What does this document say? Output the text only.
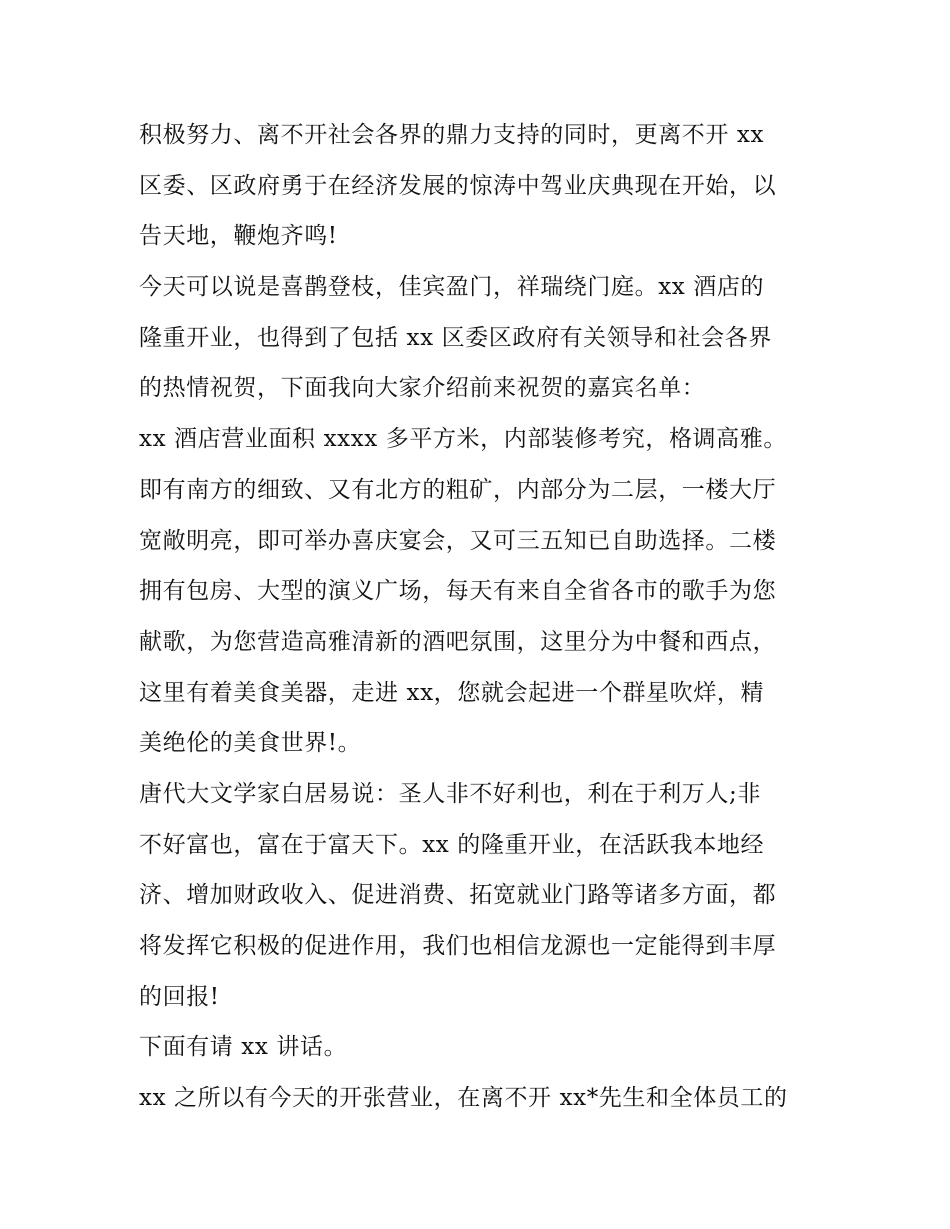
积极努力、离不开社会各界的鼎力支持的同时，更离不开 xx
区委、区政府勇于在经济发展的惊涛中驾业庆典现在开始，以
告天地，鞭炮齐鸣!
今天可以说是喜鹊登枝，佳宾盈门，祥瑞绕门庭。xx 酒店的
隆重开业，也得到了包括 xx 区委区政府有关领导和社会各界
的热情祝贺，下面我向大家介绍前来祝贺的嘉宾名单：
xx 酒店营业面积 xxxx 多平方米，内部装修考究，格调高雅。
即有南方的细致、又有北方的粗矿，内部分为二层，一楼大厅
宽敞明亮，即可举办喜庆宴会，又可三五知已自助选择。二楼
拥有包房、大型的演义广场，每天有来自全省各市的歌手为您
献歌，为您营造高雅清新的酒吧氛围，这里分为中餐和西点，
这里有着美食美器，走进 xx，您就会起进一个群星吹烊，精
美绝伦的美食世界!。
唐代大文学家白居易说：圣人非不好利也，利在于利万人;非
不好富也，富在于富天下。xx 的隆重开业，在活跃我本地经
济、增加财政收入、促进消费、拓宽就业门路等诸多方面，都
将发挥它积极的促进作用，我们也相信龙源也一定能得到丰厚
的回报!
下面有请 xx 讲话。
xx 之所以有今天的开张营业，在离不开 xx*先生和全体员工的
